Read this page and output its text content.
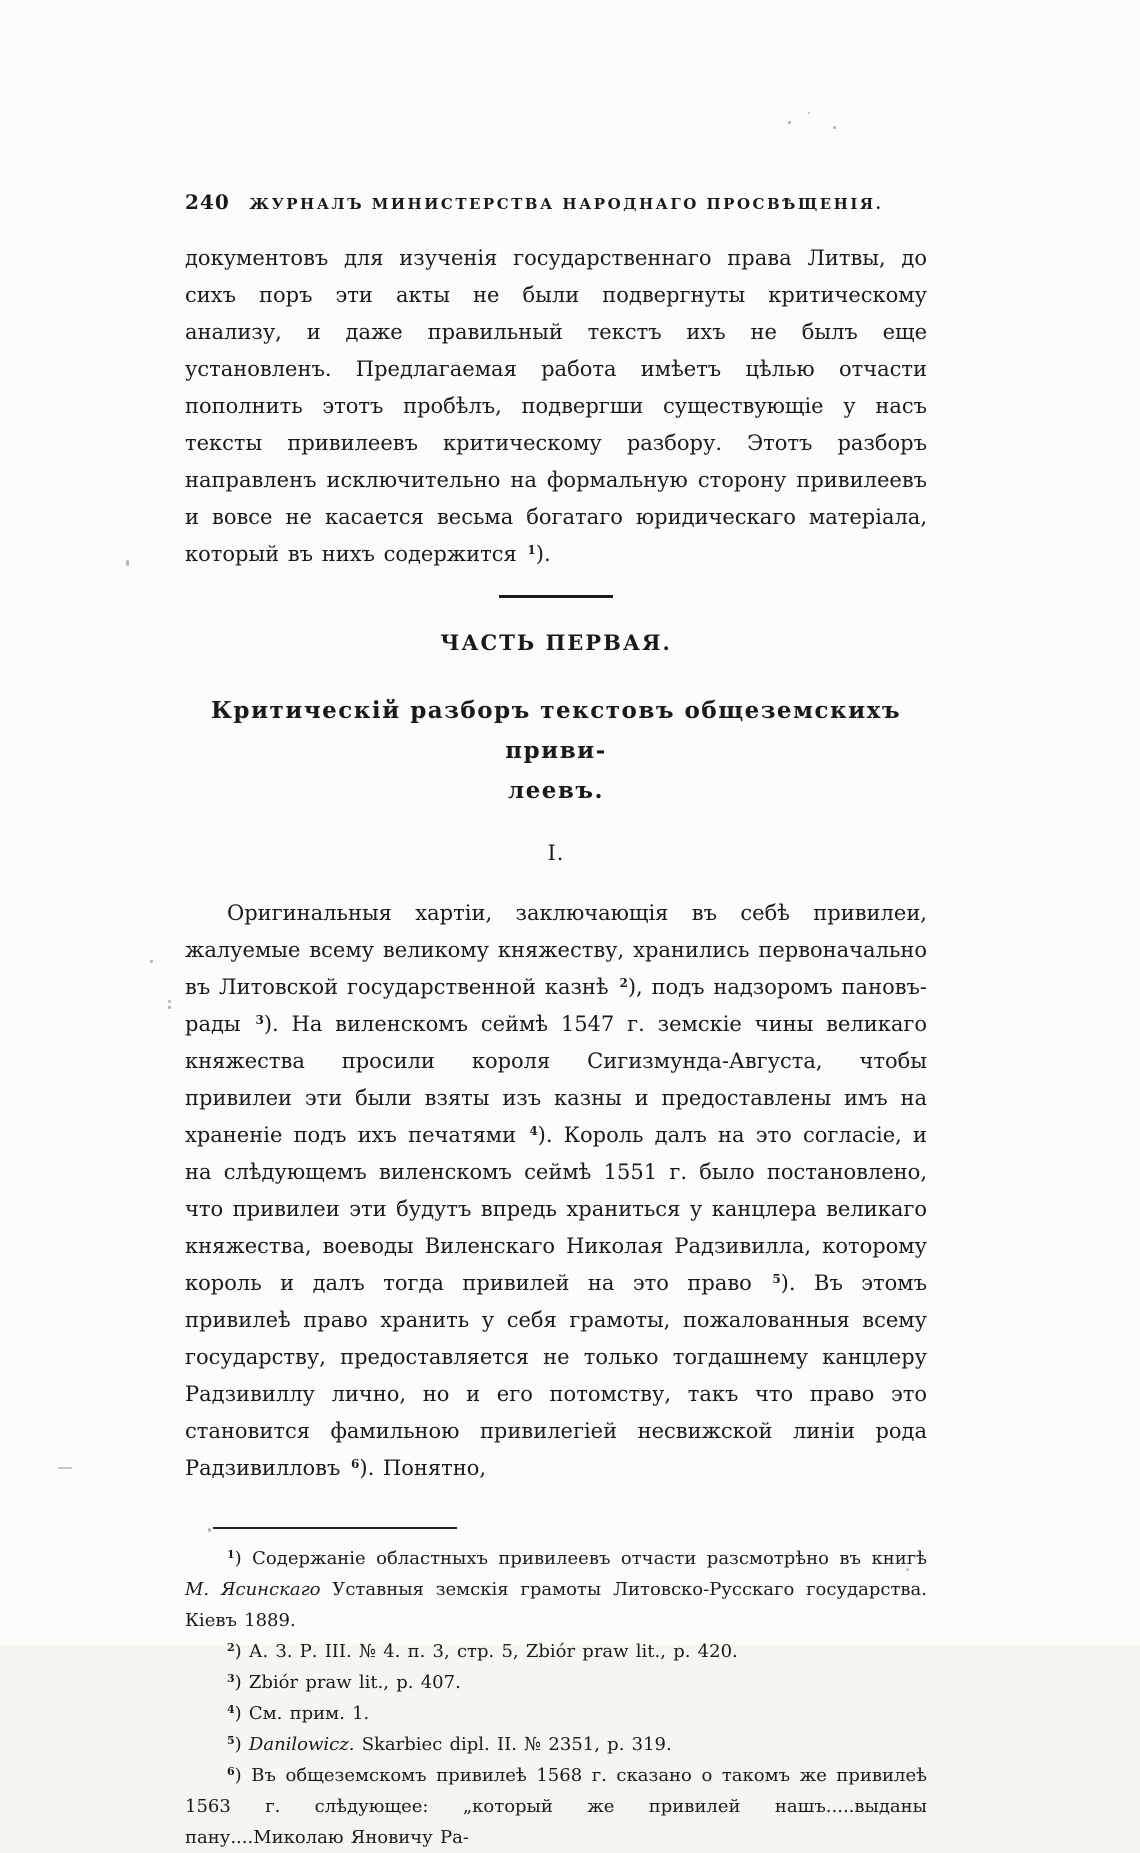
240	ЖУРНАЛЪ МИНИСТЕРСТВА НАРОДНАГО ПРОСВѢЩЕНІЯ.

документовъ для изученія государственнаго права Литвы, до сихъ поръ эти акты не были подвергнуты критическому анализу, и даже правильный текстъ ихъ не былъ еще установленъ. Предлагаемая работа имѣетъ цѣлью отчасти пополнить этотъ пробѣлъ, подвергши существующіе у насъ тексты привилеевъ критическому разбору. Этотъ разборъ направленъ исключительно на формальную сторону привилеевъ и вовсе не касается весьма богатаго юридическаго матеріала, который въ нихъ содержится $^1$).

ЧАСТЬ ПЕРВАЯ.
Критическій разборъ текстовъ общеземскихъ приви-
леевъ.
I.

Оригинальныя хартіи, заключающія въ себѣ привилеи, жалуемые всему великому княжеству, хранились первоначально въ Литовской государственной казнѣ $^2$), подъ надзоромъ пановъ-рады $^3$). На виленскомъ сеймѣ 1547 г. земскіе чины великаго княжества просили короля Сигизмунда-Августа, чтобы привилеи эти были взяты изъ казны и предоставлены имъ на храненіе подъ ихъ печатями $^4$). Король далъ на это согласіе, и на слѣдующемъ виленскомъ сеймѣ 1551 г. было постановлено, что привилеи эти будутъ впредь храниться у канцлера великаго княжества, воеводы Виленскаго Николая Радзивилла, которому король и далъ тогда привилей на это право $^5$). Въ этомъ привилеѣ право хранить у себя грамоты, пожалованныя всему государству, предоставляется не только тогдашнему канцлеру Радзивиллу лично, но и его потомству, такъ что право это становится фамильною привилегіей несвижской линіи рода Радзивилловъ $^6$). Понятно,

$^1$) Содержаніе областныхъ привилеевъ отчасти разсмотрѣно въ книгѣ М. Ясинскаго Уставныя земскія грамоты Литовско-Русскаго государства. Кіевъ 1889.

$^2$) А. З. Р. III. № 4. п. 3, стр. 5, Zbiór praw lit., p. 420.

$^3$) Zbiór praw lit., p. 407.

$^4$) См. прим. 1.

$^5$) Danilowicz. Skarbiec dipl. II. № 2351, p. 319.

$^6$) Въ общеземскомъ привилеѣ 1568 г. сказано о такомъ же привилеѣ 1563 г. слѣдующее: „который же привилей нашъ.....выданы пану....Миколаю Яновичу Ра-
